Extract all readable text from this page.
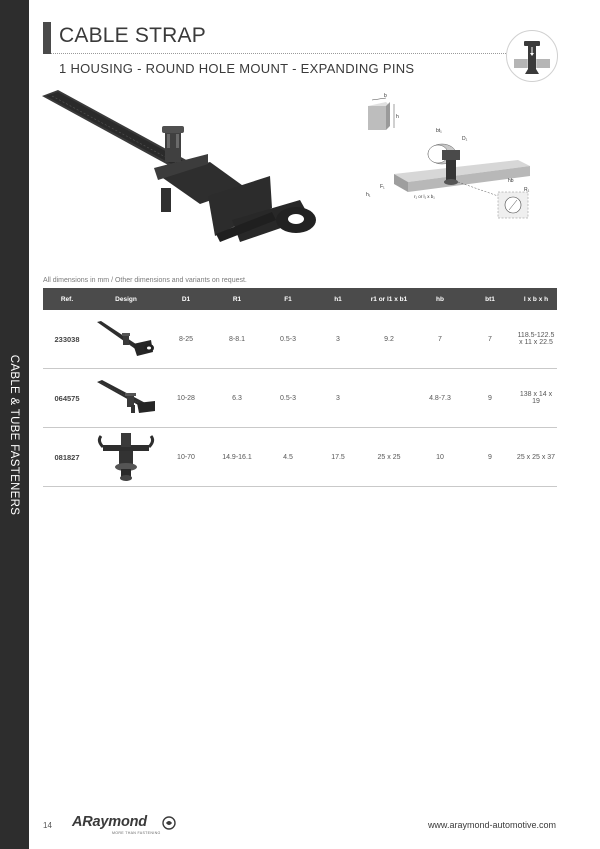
CABLE & TUBE FASTENERS
CABLE STRAP
1 HOUSING - ROUND HOLE MOUNT - EXPANDING PINS
b
h
bt₁
D₁
F₁
h₁	r₁ or l₁ x b₁
hb
R₁
All dimensions in mm / Other dimensions and variants on request.
Ref.	Design	D1	R1	F1	h1	r1 or l1 x b1	hb	bt1	l x b x h
233038		8-25	8-8.1	0.5-3	3	9.2	7	7	118.5-122.5 x 11 x 22.5
064575		10-28	6.3	0.5-3	3		4.8-7.3	9	138 x 14 x 19
081827		10-70	14.9-16.1	4.5	17.5	25 x 25	10	9	25 x 25 x 37
14 ARaymond
MORE THAN FASTENING
www.araymond-automotive.com
